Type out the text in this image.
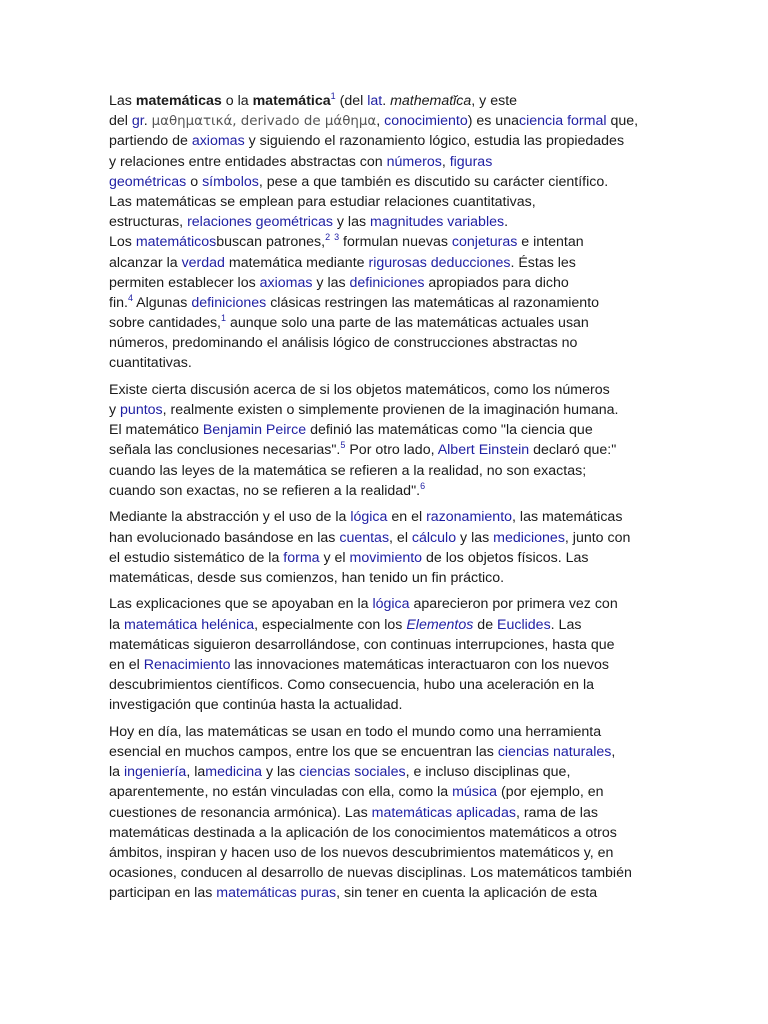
Las matemáticas o la matemática$^1$ (del lat. mathematĭca, y este
del gr. μαθηματικά, derivado de μάθημα, conocimiento) es unaciencia formal que,
partiendo de axiomas y siguiendo el razonamiento lógico, estudia las propiedades
y relaciones entre entidades abstractas con números, figuras
geométricas o símbolos, pese a que también es discutido su carácter científico.
Las matemáticas se emplean para estudiar relaciones cuantitativas,
estructuras, relaciones geométricas y las magnitudes variables.
Los matemáticosbuscan patrones,$^2$ $^3$ formulan nuevas conjeturas e intentan
alcanzar la verdad matemática mediante rigurosas deducciones. Éstas les
permiten establecer los axiomas y las definiciones apropiados para dicho
fin.$^4$ Algunas definiciones clásicas restringen las matemáticas al razonamiento
sobre cantidades,$^1$ aunque solo una parte de las matemáticas actuales usan
números, predominando el análisis lógico de construcciones abstractas no
cuantitativas.
Existe cierta discusión acerca de si los objetos matemáticos, como los números
y puntos, realmente existen o simplemente provienen de la imaginación humana.
El matemático Benjamin Peirce definió las matemáticas como "la ciencia que
señala las conclusiones necesarias".$^5$ Por otro lado, Albert Einstein declaró que:"
cuando las leyes de la matemática se refieren a la realidad, no son exactas;
cuando son exactas, no se refieren a la realidad".$^6$
Mediante la abstracción y el uso de la lógica en el razonamiento, las matemáticas
han evolucionado basándose en las cuentas, el cálculo y las mediciones, junto con
el estudio sistemático de la forma y el movimiento de los objetos físicos. Las
matemáticas, desde sus comienzos, han tenido un fin práctico.
Las explicaciones que se apoyaban en la lógica aparecieron por primera vez con
la matemática helénica, especialmente con los Elementos de Euclides. Las
matemáticas siguieron desarrollándose, con continuas interrupciones, hasta que
en el Renacimiento las innovaciones matemáticas interactuaron con los nuevos
descubrimientos científicos. Como consecuencia, hubo una aceleración en la
investigación que continúa hasta la actualidad.
Hoy en día, las matemáticas se usan en todo el mundo como una herramienta
esencial en muchos campos, entre los que se encuentran las ciencias naturales,
la ingeniería, lamedicina y las ciencias sociales, e incluso disciplinas que,
aparentemente, no están vinculadas con ella, como la música (por ejemplo, en
cuestiones de resonancia armónica). Las matemáticas aplicadas, rama de las
matemáticas destinada a la aplicación de los conocimientos matemáticos a otros
ámbitos, inspiran y hacen uso de los nuevos descubrimientos matemáticos y, en
ocasiones, conducen al desarrollo de nuevas disciplinas. Los matemáticos también
participan en las matemáticas puras, sin tener en cuenta la aplicación de esta
